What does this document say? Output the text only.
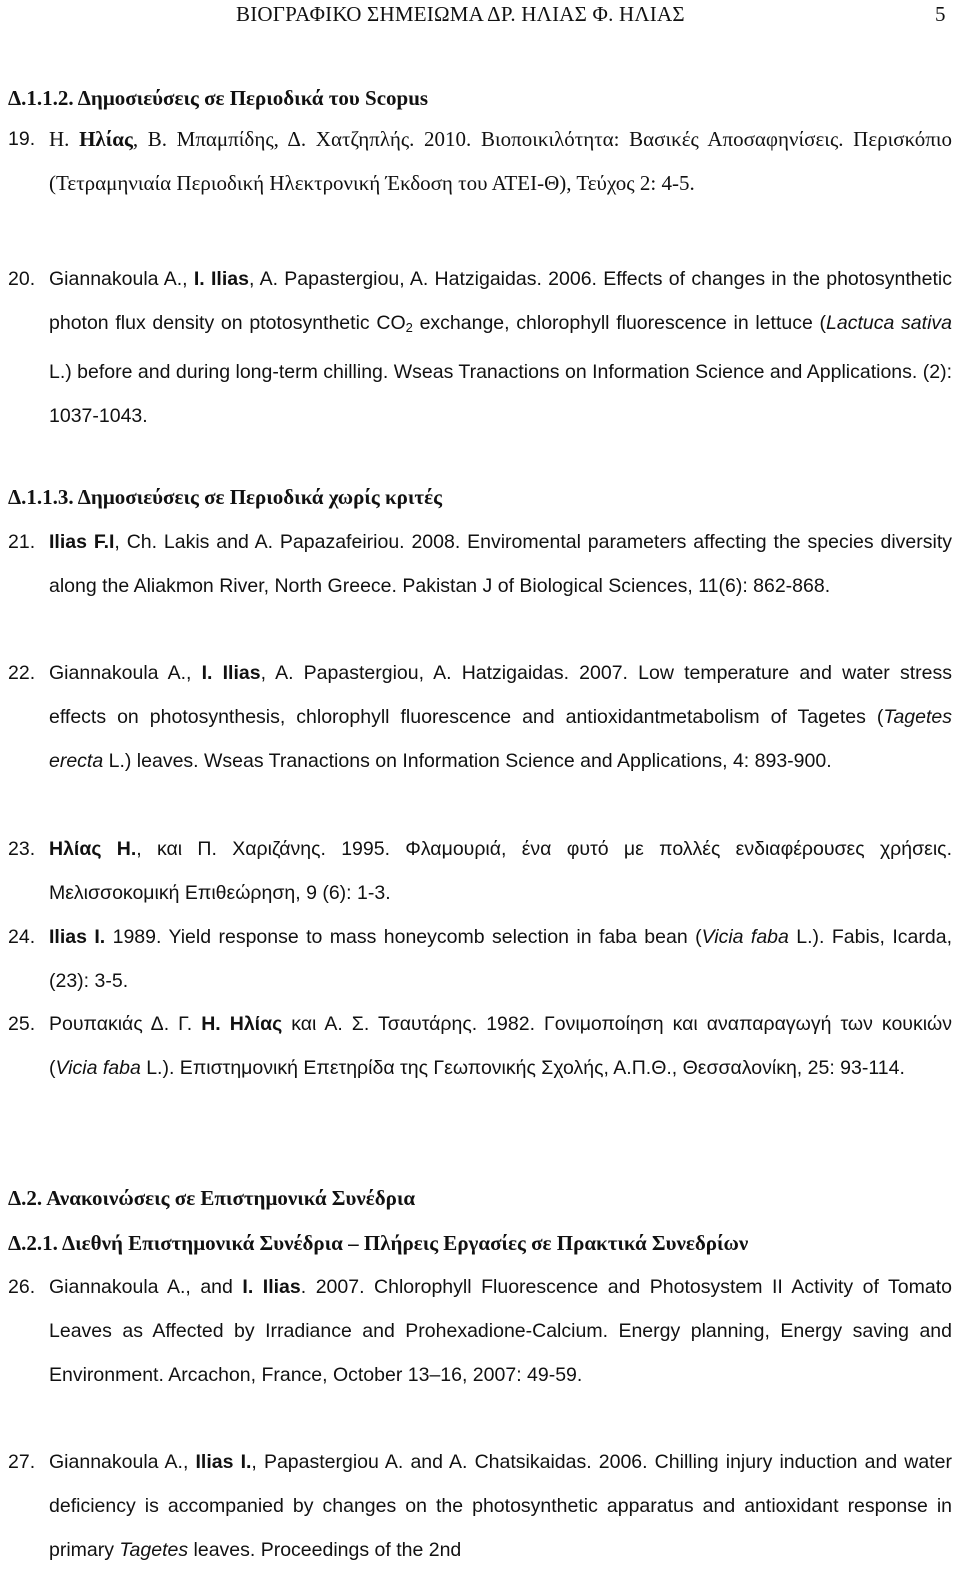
ΒΙΟΓΡΑΦΙΚΟ ΣΗΜΕΙΩΜΑ ΔΡ. ΗΛΙΑΣ Φ. ΗΛΙΑΣ	5
Δ.1.1.2. Δημοσιεύσεις σε Περιοδικά του Scopus
19. Η. Ηλίας, Β. Μπαμπίδης, Δ. Χατζηπλής. 2010. Βιοποικιλότητα: Βασικές Αποσαφηνίσεις. Περισκόπιο (Τετραμηνιαία Περιοδική Ηλεκτρονική Έκδοση του ΑΤΕΙ-Θ), Τεύχος 2: 4-5.
20. Giannakoula A., I. Ilias, A. Papastergiou, A. Hatzigaidas. 2006. Effects of changes in the photosynthetic photon flux density on ptotosynthetic $CO_2$ exchange, chlorophyll fluorescence in lettuce (Lactuca sativa L.) before and during long-term chilling. Wseas Tranactions on Information Science and Applications. (2): 1037-1043.
Δ.1.1.3. Δημοσιεύσεις σε Περιοδικά χωρίς κριτές
21. Ilias F.I, Ch. Lakis and A. Papazafeiriou. 2008. Enviromental parameters affecting the species diversity along the Aliakmon River, North Greece. Pakistan J of Biological Sciences, 11(6): 862-868.
22. Giannakoula A., I. Ilias, A. Papastergiou, A. Hatzigaidas. 2007. Low temperature and water stress effects on photosynthesis, chlorophyll fluorescence and antioxidantmetabolism of Tagetes (Tagetes erecta L.) leaves. Wseas Tranactions on Information Science and Applications, 4: 893-900.
23. Ηλίας Η., και Π. Χαριζάνης. 1995. Φλαμουριά, ένα φυτό με πολλές ενδιαφέρουσες χρήσεις. Μελισσοκομική Επιθεώρηση, 9 (6): 1-3.
24. Ilias I. 1989. Yield response to mass honeycomb selection in faba bean (Vicia faba L.). Fabis, Icarda, (23): 3-5.
25. Ρουπακιάς Δ. Γ. Η. Ηλίας και Α. Σ. Τσαυτάρης. 1982. Γονιμοποίηση και αναπαραγωγή των κουκιών (Vicia faba L.). Επιστημονική Επετηρίδα της Γεωπονικής Σχολής, Α.Π.Θ., Θεσσαλονίκη, 25: 93-114.
Δ.2. Ανακοινώσεις σε Επιστημονικά Συνέδρια
Δ.2.1. Διεθνή Επιστημονικά Συνέδρια – Πλήρεις Εργασίες σε Πρακτικά Συνεδρίων
26. Giannakoula A., and I. Ilias. 2007. Chlorophyll Fluorescence and Photosystem II Activity of Tomato Leaves as Affected by Irradiance and Prohexadione-Calcium. Energy planning, Energy saving and Environment. Arcachon, France, October 13–16, 2007: 49-59.
27. Giannakoula A., Ilias I., Papastergiou A. and A. Chatsikaidas. 2006. Chilling injury induction and water deficiency is accompanied by changes on the photosynthetic apparatus and antioxidant response in primary Tagetes leaves. Proceedings of the 2nd
